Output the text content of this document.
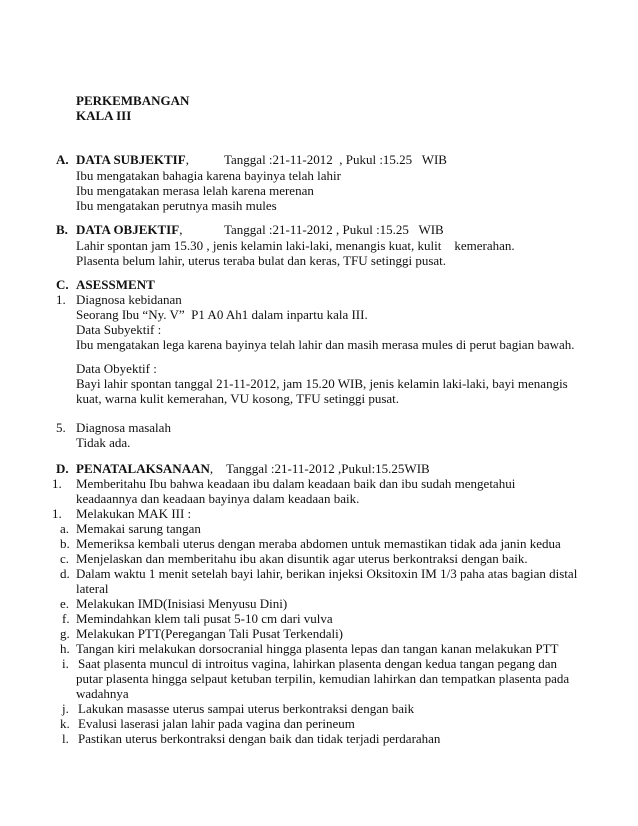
PERKEMBANGAN
KALA III
A. DATA SUBJEKTIF,	Tanggal :21-11-2012  , Pukul :15.25   WIB
Ibu mengatakan bahagia karena bayinya telah lahir
Ibu mengatakan merasa lelah karena merenan
Ibu mengatakan perutnya masih mules
B. DATA OBJEKTIF,	Tanggal :21-11-2012 , Pukul :15.25   WIB
Lahir spontan jam 15.30 , jenis kelamin laki-laki, menangis kuat, kulit    kemerahan.
Plasenta belum lahir, uterus teraba bulat dan keras, TFU setinggi pusat.
C. ASESSMENT
1. Diagnosa kebidanan
Seorang Ibu “Ny. V”  P1 A0 Ah1 dalam inpartu kala III.
Data Subyektif :
Ibu mengatakan lega karena bayinya telah lahir dan masih merasa mules di perut bagian bawah.
Data Obyektif :
Bayi lahir spontan tanggal 21-11-2012, jam 15.20 WIB, jenis kelamin laki-laki, bayi menangis
kuat, warna kulit kemerahan, VU kosong, TFU setinggi pusat.
5. Diagnosa masalah
Tidak ada.
D. PENATALAKSANAAN, Tanggal :21-11-2012 ,Pukul:15.25WIB
1. Memberitahu Ibu bahwa keadaan ibu dalam keadaan baik dan ibu sudah mengetahui
keadaannya dan keadaan bayinya dalam keadaan baik.
1. Melakukan MAK III :
a. Memakai sarung tangan
b. Memeriksa kembali uterus dengan meraba abdomen untuk memastikan tidak ada janin kedua
c. Menjelaskan dan memberitahu ibu akan disuntik agar uterus berkontraksi dengan baik.
d. Dalam waktu 1 menit setelah bayi lahir, berikan injeksi Oksitoxin IM 1/3 paha atas bagian distal
lateral
e. Melakukan IMD(Inisiasi Menyusu Dini)
f. Memindahkan klem tali pusat 5-10 cm dari vulva
g. Melakukan PTT(Peregangan Tali Pusat Terkendali)
h. Tangan kiri melakukan dorsocranial hingga plasenta lepas dan tangan kanan melakukan PTT
i. Saat plasenta muncul di introitus vagina, lahirkan plasenta dengan kedua tangan pegang dan
putar plasenta hingga selpaut ketuban terpilin, kemudian lahirkan dan tempatkan plasenta pada
wadahnya
j. Lakukan masasse uterus sampai uterus berkontraksi dengan baik
k. Evalusi laserasi jalan lahir pada vagina dan perineum
l. Pastikan uterus berkontraksi dengan baik dan tidak terjadi perdarahan
